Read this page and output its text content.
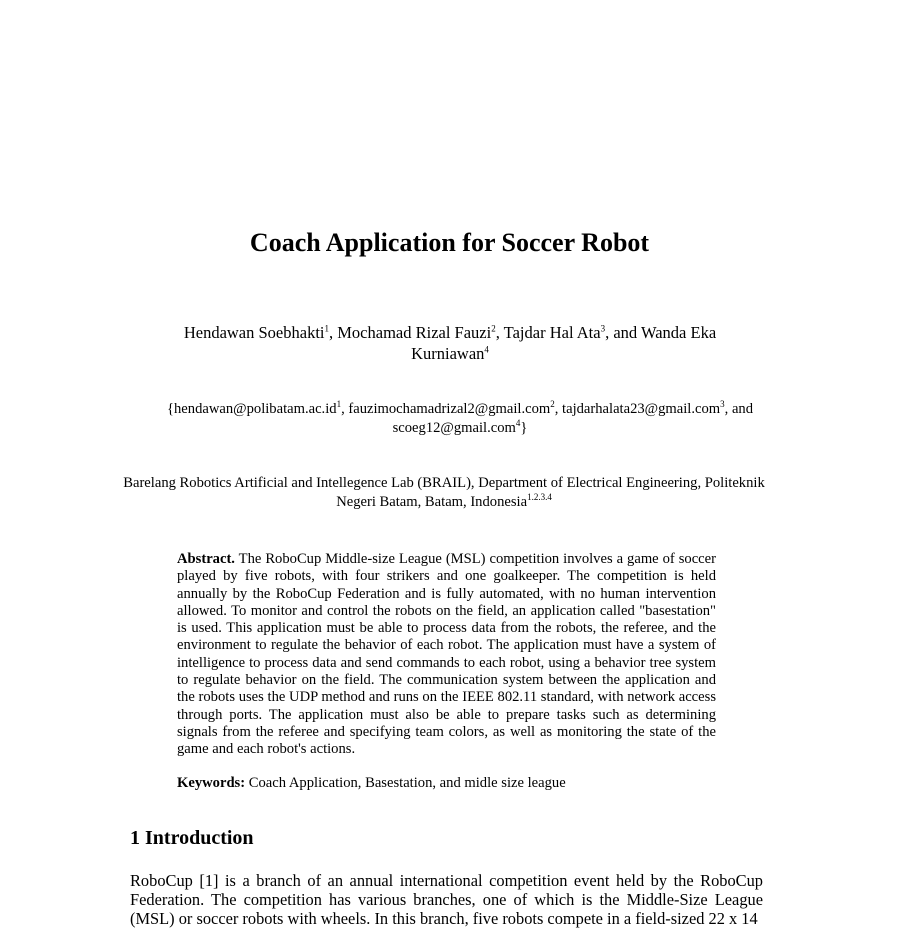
Coach Application for Soccer Robot
Hendawan Soebhakti$^1$, Mochamad Rizal Fauzi$^2$, Tajdar Hal Ata$^3$, and Wanda Eka Kurniawan$^4$
{$hendawan@polibatam.ac.id^1$, fauzimochamadrizal2@gmail.com$^2$, tajdarhalata23@gmail.com$^3$, and scoeg12@gmail.com$^4$}
Barelang Robotics Artificial and Intellegence Lab (BRAIL), Department of Electrical Engineering, Politeknik Negeri Batam, Batam, Indonesia$^{1.2.3.4}$
Abstract. The RoboCup Middle-size League (MSL) competition involves a game of soccer played by five robots, with four strikers and one goalkeeper. The competition is held annually by the RoboCup Federation and is fully automated, with no human intervention allowed. To monitor and control the robots on the field, an application called "basestation" is used. This application must be able to process data from the robots, the referee, and the environment to regulate the behavior of each robot. The application must have a system of intelligence to process data and send commands to each robot, using a behavior tree system to regulate behavior on the field. The communication system between the application and the robots uses the UDP method and runs on the IEEE 802.11 standard, with network access through ports. The application must also be able to prepare tasks such as determining signals from the referee and specifying team colors, as well as monitoring the state of the game and each robot's actions.
Keywords: Coach Application, Basestation, and midle size league
1 Introduction
RoboCup [1] is a branch of an annual international competition event held by the RoboCup Federation. The competition has various branches, one of which is the Middle-Size League (MSL) or soccer robots with wheels. In this branch, five robots compete in a field-sized 22 x 14
